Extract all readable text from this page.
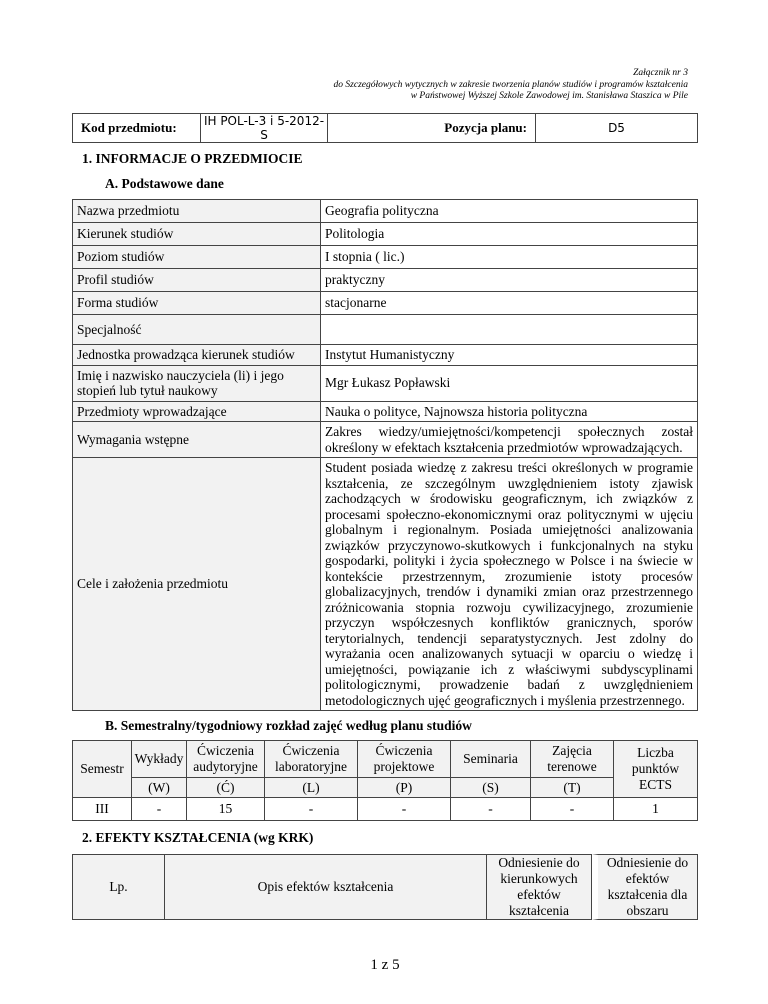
Załącznik nr 3
do Szczegółowych wytycznych w zakresie tworzenia planów studiów i programów kształcenia
w Państwowej Wyższej Szkole Zawodowej im. Stanisława Staszica w Pile
Kod przedmiotu:	IH POL-L-3 i 5-2012-S	Pozycja planu:	D5
1. INFORMACJE O PRZEDMIOCIE
A. Podstawowe dane
Nazwa przedmiotu	Geografia polityczna
Kierunek studiów	Politologia
Poziom studiów	I stopnia ( lic.)
Profil studiów	praktyczny
Forma studiów	stacjonarne
Specjalność	
Jednostka prowadząca kierunek studiów	Instytut Humanistyczny
Imię i nazwisko nauczyciela (li) i jego stopień lub tytuł naukowy	Mgr Łukasz Popławski
Przedmioty wprowadzające	Nauka o polityce, Najnowsza historia polityczna
Wymagania wstępne	Zakres wiedzy/umiejętności/kompetencji społecznych został określony w efektach kształcenia przedmiotów wprowadzających.
Cele i założenia przedmiotu	Student posiada wiedzę z zakresu treści określonych w programie kształcenia, ze szczególnym uwzględnieniem istoty zjawisk zachodzących w środowisku geograficznym, ich związków z procesami społeczno-ekonomicznymi oraz politycznymi w ujęciu globalnym i regionalnym. Posiada umiejętności analizowania związków przyczynowo-skutkowych i funkcjonalnych na styku gospodarki, polityki i życia społecznego w Polsce i na świecie w kontekście przestrzennym, zrozumienie istoty procesów globalizacyjnych, trendów i dynamiki zmian oraz przestrzennego zróżnicowania stopnia rozwoju cywilizacyjnego, zrozumienie przyczyn współczesnych konfliktów granicznych, sporów terytorialnych, tendencji separatystycznych. Jest zdolny do wyrażania ocen analizowanych sytuacji w oparciu o wiedzę i umiejętności, powiązanie ich z właściwymi subdyscyplinami politologicznymi, prowadzenie badań z uwzględnieniem metodologicznych ujęć geograficznych i myślenia przestrzennego.
B. Semestralny/tygodniowy rozkład zajęć według planu studiów
Semestr	Wykłady	Ćwiczenia audytoryjne	Ćwiczenia laboratoryjne	Ćwiczenia projektowe	Seminaria	Zajęcia terenowe	Liczba punktów ECTS
	(W)	(Ć)	(L)	(P)	(S)	(T)	
III	-	15	-	-	-	-	1
2. EFEKTY KSZTAŁCENIA (wg KRK)
Lp.	Opis efektów kształcenia	Odniesienie do kierunkowych efektów kształcenia	Odniesienie do efektów kształcenia dla obszaru
1 z 5
